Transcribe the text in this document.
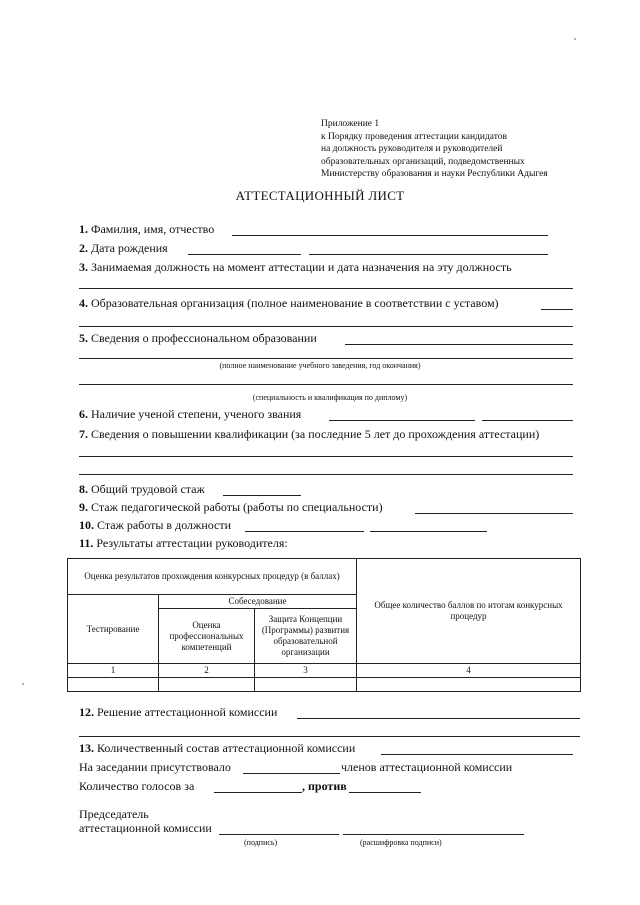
Приложение 1
к Порядку проведения аттестации кандидатов
на должность руководителя и руководителей
образовательных организаций, подведомственных
Министерству образования и науки Республики Адыгея
АТТЕСТАЦИОННЫЙ ЛИСТ
1. Фамилия, имя, отчество
2. Дата рождения
3. Занимаемая должность на момент аттестации и дата назначения на эту должность
4. Образовательная организация (полное наименование в соответствии с уставом)
5. Сведения о профессиональном образовании
(полное наименование учебного заведения, год окончания)
(специальность и квалификация по диплому)
6. Наличие ученой степени, ученого звания
7. Сведения о повышении квалификации (за последние 5 лет до прохождения аттестации)
8. Общий трудовой стаж
9. Стаж педагогической работы (работы по специальности)
10. Стаж работы в должности
11. Результаты аттестации руководителя:
Оценка результатов прохождения конкурсных процедур (в баллах)			Общее количество баллов по итогам конкурсных процедур
Тестирование	Собеседование		
	Оценка профессиональных компетенций	Защита Концепции (Программы) развития образовательной организации	
1	2	3	4

12. Решение аттестационной комиссии
13. Количественный состав аттестационной комиссии
На заседании присутствовало	членов аттестационной комиссии
Количество голосов за	, против
Председатель
аттестационной комиссии
(подпись)	(расшифровка подписи)
